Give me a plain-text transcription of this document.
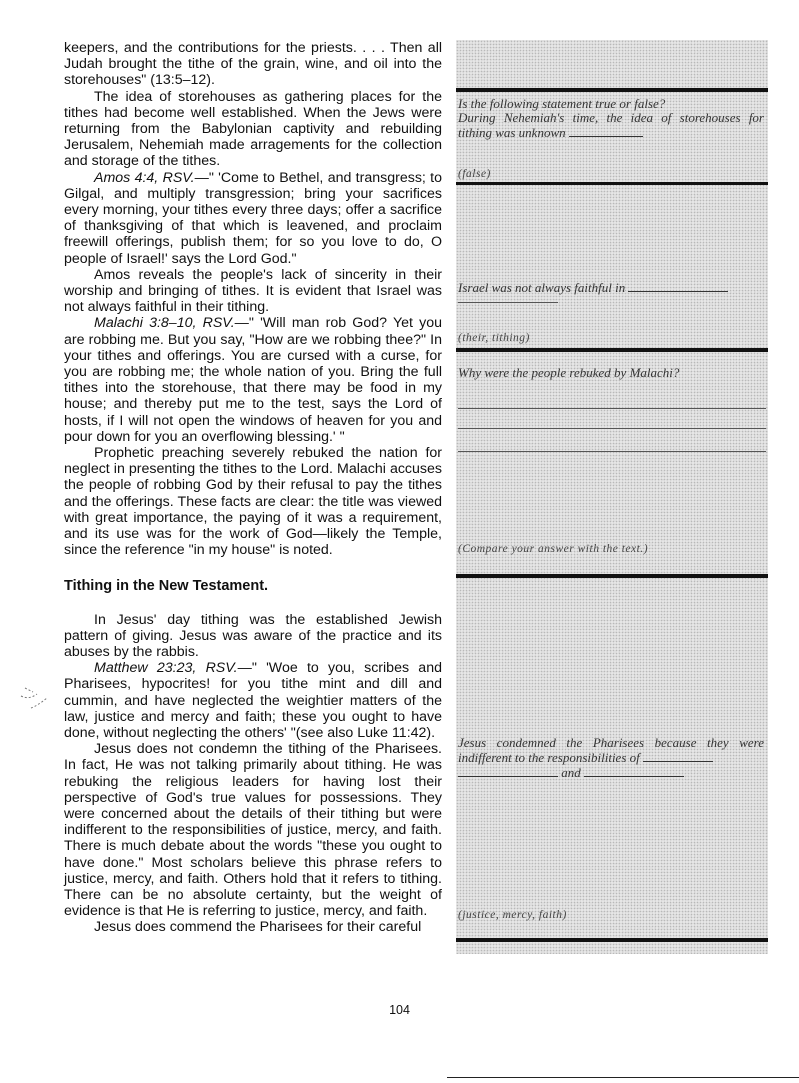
keepers, and the contributions for the priests. . . . Then all Judah brought the tithe of the grain, wine, and oil into the storehouses" (13:5–12).

The idea of storehouses as gathering places for the tithes had become well established. When the Jews were returning from the Babylonian captivity and rebuilding Jerusalem, Nehemiah made arragements for the collection and storage of the tithes.

Amos 4:4, RSV.—" 'Come to Bethel, and transgress; to Gilgal, and multiply transgression; bring your sacrifices every morning, your tithes every three days; offer a sacrifice of thanksgiving of that which is leavened, and proclaim freewill offerings, publish them; for so you love to do, O people of Israel!' says the Lord God."

Amos reveals the people's lack of sincerity in their worship and bringing of tithes. It is evident that Israel was not always faithful in their tithing.

Malachi 3:8–10, RSV.—" 'Will man rob God? Yet you are robbing me. But you say, "How are we robbing thee?" In your tithes and offerings. You are cursed with a curse, for you are robbing me; the whole nation of you. Bring the full tithes into the storehouse, that there may be food in my house; and thereby put me to the test, says the Lord of hosts, if I will not open the windows of heaven for you and pour down for you an overflowing blessing.' "

Prophetic preaching severely rebuked the nation for neglect in presenting the tithes to the Lord. Malachi accuses the people of robbing God by their refusal to pay the tithes and the offerings. These facts are clear: the title was viewed with great importance, the paying of it was a requirement, and its use was for the work of God—likely the Temple, since the reference "in my house" is noted.

Tithing in the New Testament.

In Jesus' day tithing was the established Jewish pattern of giving. Jesus was aware of the practice and its abuses by the rabbis.

Matthew 23:23, RSV.—" 'Woe to you, scribes and Pharisees, hypocrites! for you tithe mint and dill and cummin, and have neglected the weightier matters of the law, justice and mercy and faith; these you ought to have done, without neglecting the others' "(see also Luke 11:42).

Jesus does not condemn the tithing of the Pharisees. In fact, He was not talking primarily about tithing. He was rebuking the religious leaders for having lost their perspective of God's true values for possessions. They were concerned about the details of their tithing but were indifferent to the responsibilities of justice, mercy, and faith. There is much debate about the words "these you ought to have done." Most scholars believe this phrase refers to justice, mercy, and faith. Others hold that it refers to tithing. There can be no absolute certainty, but the weight of evidence is that He is referring to justice, mercy, and faith.

Jesus does commend the Pharisees for their careful

Is the following statement true or false?
During Nehemiah's time, the idea of storehouses for tithing was unknown
(false)
Israel was not always faithful in
(their, tithing)
Why were the people rebuked by Malachi?
(Compare your answer with the text.)
Jesus condemned the Pharisees because they were indifferent to the responsibilities of
and
(justice, mercy, faith)
104
